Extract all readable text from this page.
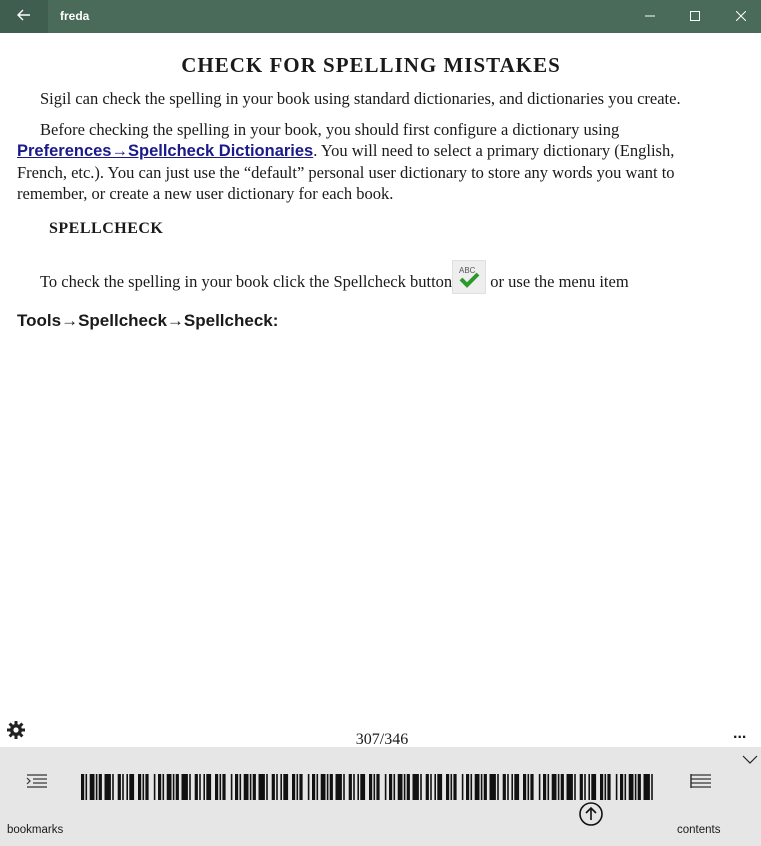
freda
CHECK FOR SPELLING MISTAKES

Sigil can check the spelling in your book using standard dictionaries, and dictionaries you create.

Before checking the spelling in your book, you should first configure a dictionary using Preferences→Spellcheck Dictionaries. You will need to select a primary dictionary (English, French, etc.). You can just use the “default” personal user dictionary to store any words you want to remember, or create a new user dictionary for each book.

SPELLCHECK

To check the spelling in your book click the Spellcheck button
ABC
or use the menu item

Tools→Spellcheck→Spellcheck:
307/346	...
bookmarks	contents
